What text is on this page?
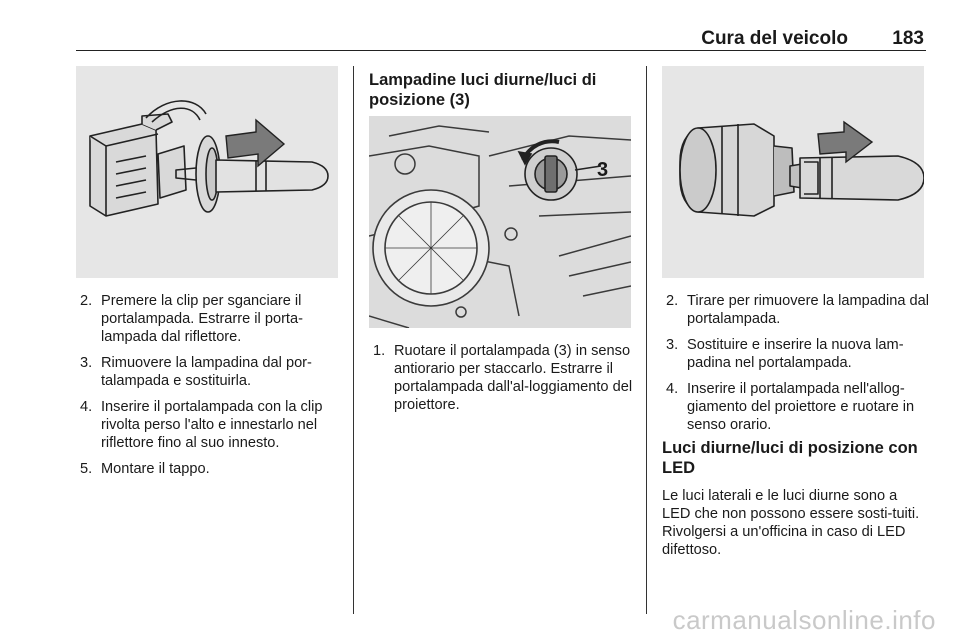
Cura del veicolo 183
2. Premere la clip per sganciare il portalampada. Estrarre il porta-lampada dal riflettore.
3. Rimuovere la lampadina dal por-talampada e sostituirla.
4. Inserire il portalampada con la clip rivolta perso l'alto e innestarlo nel riflettore fino al suo innesto.
5. Montare il tappo.
Lampadine luci diurne/luci di posizione (3)
3
1. Ruotare il portalampada (3) in senso antiorario per staccarlo. Estrarre il portalampada dall'al-loggiamento del proiettore.
2. Tirare per rimuovere la lampadina dal portalampada.
3. Sostituire e inserire la nuova lam-padina nel portalampada.
4. Inserire il portalampada nell'allog-giamento del proiettore e ruotare in senso orario.
Luci diurne/luci di posizione con LED

Le luci laterali e le luci diurne sono a LED che non possono essere sosti-tuiti. Rivolgersi a un'officina in caso di LED difettoso.

carmanualsonline.info
